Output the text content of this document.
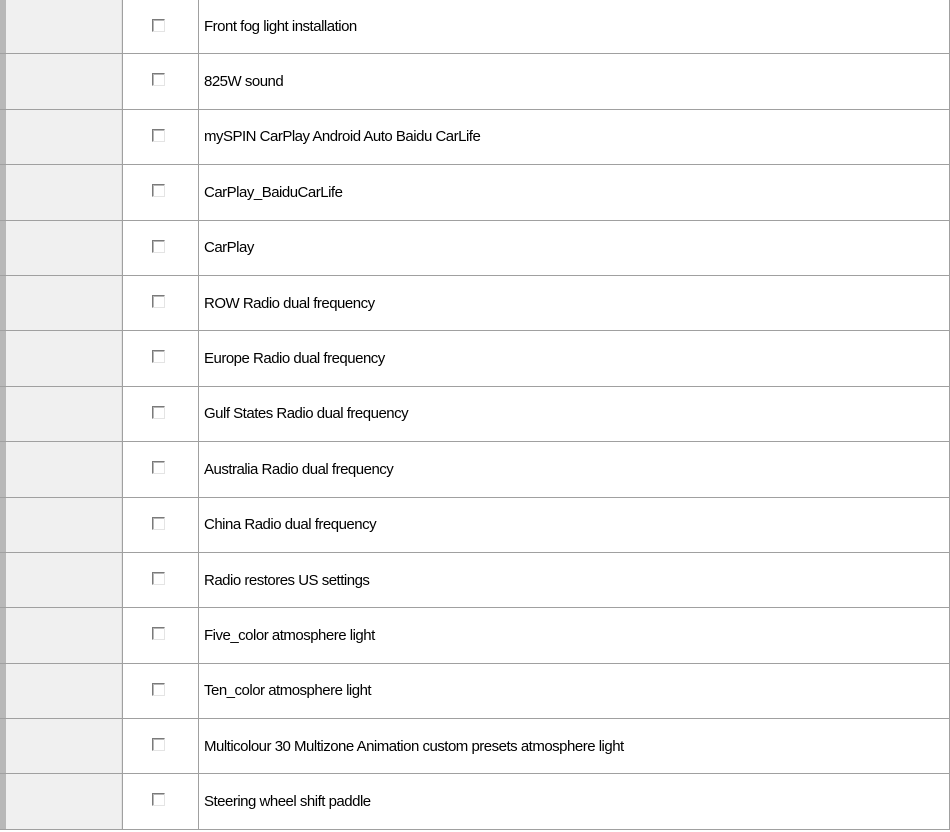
Front fog light installation
825W sound
mySPIN CarPlay Android Auto Baidu CarLife
CarPlay_BaiduCarLife
CarPlay
ROW Radio dual frequency
Europe Radio dual frequency
Gulf States Radio dual frequency
Australia Radio dual frequency
China Radio dual frequency
Radio restores US settings
Five_color atmosphere light
Ten_color atmosphere light
Multicolour 30 Multizone Animation custom presets atmosphere light
Steering wheel shift paddle
